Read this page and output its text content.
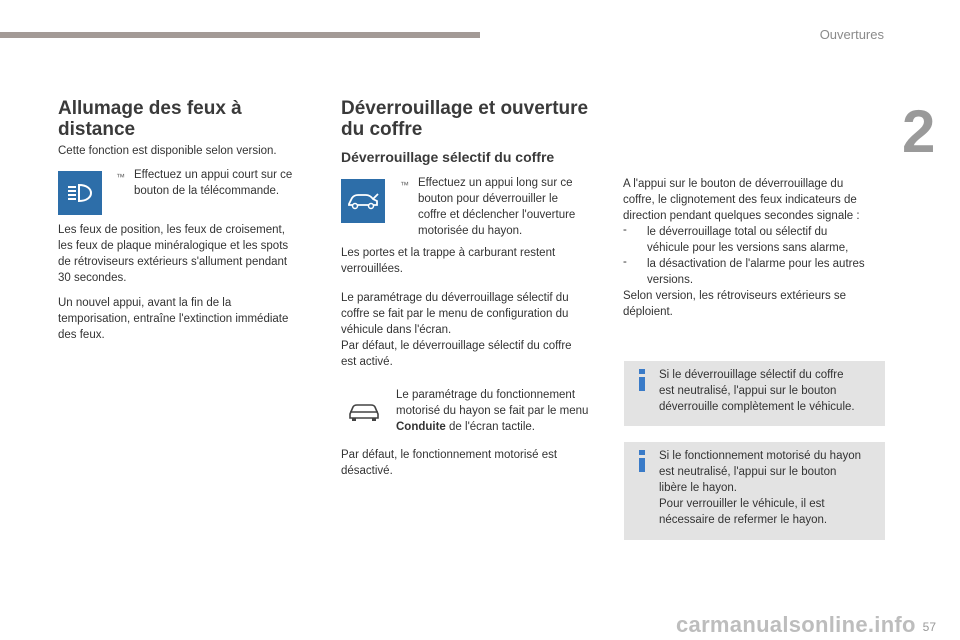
Ouvertures
2
Allumage des feux à
distance

Cette fonction est disponible selon version.

™ Effectuez un appui court sur ce
bouton de la télécommande.

Les feux de position, les feux de croisement,
les feux de plaque minéralogique et les spots
de rétroviseurs extérieurs s'allument pendant
30 secondes.

Un nouvel appui, avant la fin de la
temporisation, entraîne l'extinction immédiate
des feux.

Déverrouillage et ouverture
du coffre
Déverrouillage sélectif du coffre
™ Effectuez un appui long sur ce
bouton pour déverrouiller le
coffre et déclencher l'ouverture
motorisée du hayon.

Les portes et la trappe à carburant restent
verrouillées.

Le paramétrage du déverrouillage sélectif du
coffre se fait par le menu de configuration du
véhicule dans l'écran.
Par défaut, le déverrouillage sélectif du coffre
est activé.

Le paramétrage du fonctionnement
motorisé du hayon se fait par le menu
Conduite de l'écran tactile.

Par défaut, le fonctionnement motorisé est
désactivé.

A l'appui sur le bouton de déverrouillage du
coffre, le clignotement des feux indicateurs de
direction pendant quelques secondes signale :

- le déverrouillage total ou sélectif du
véhicule pour les versions sans alarme,
- la désactivation de l'alarme pour les autres
versions.

Selon version, les rétroviseurs extérieurs se
déploient.

Si le déverrouillage sélectif du coffre
est neutralisé, l'appui sur le bouton
déverrouille complètement le véhicule.

Si le fonctionnement motorisé du hayon
est neutralisé, l'appui sur le bouton
libère le hayon.
Pour verrouiller le véhicule, il est
nécessaire de refermer le hayon.

carmanualsonline.info 57
